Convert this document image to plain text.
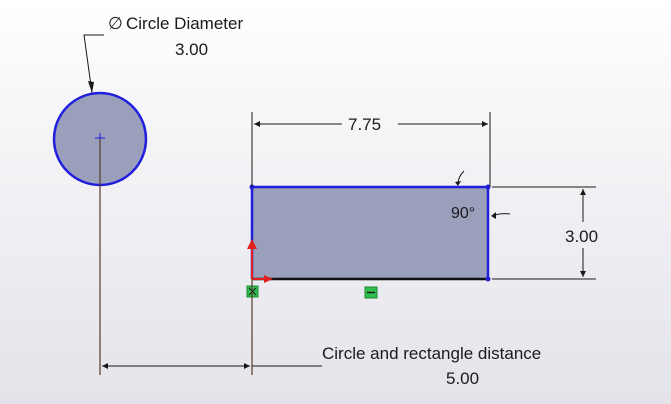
∅ Circle Diameter
3.00
7.75
3.00
90°
Circle and rectangle distance
5.00
